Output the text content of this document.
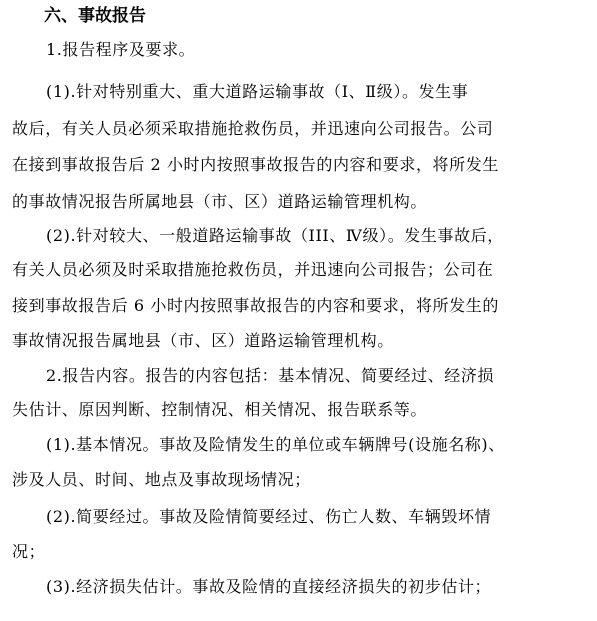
六、事故报告
1.报告程序及要求。
(1).针对特别重大、重大道路运输事故（Ⅰ、Ⅱ级）。发生事
故后，有关人员必须采取措施抢救伤员，并迅速向公司报告。公司
在接到事故报告后 2 小时内按照事故报告的内容和要求，将所发生
的事故情况报告所属地县（市、区）道路运输管理机构。
(2).针对较大、一般道路运输事故（III、Ⅳ级）。发生事故后，
有关人员必须及时采取措施抢救伤员，并迅速向公司报告；公司在
接到事故报告后 6 小时内按照事故报告的内容和要求，将所发生的
事故情况报告属地县（市、区）道路运输管理机构。
2.报告内容。报告的内容包括：基本情况、简要经过、经济损
失估计、原因判断、控制情况、相关情况、报告联系等。
(1).基本情况。事故及险情发生的单位或车辆牌号(设施名称)、
涉及人员、时间、地点及事故现场情况；
(2).简要经过。事故及险情简要经过、伤亡人数、车辆毁坏情
况；
(3).经济损失估计。事故及险情的直接经济损失的初步估计；
